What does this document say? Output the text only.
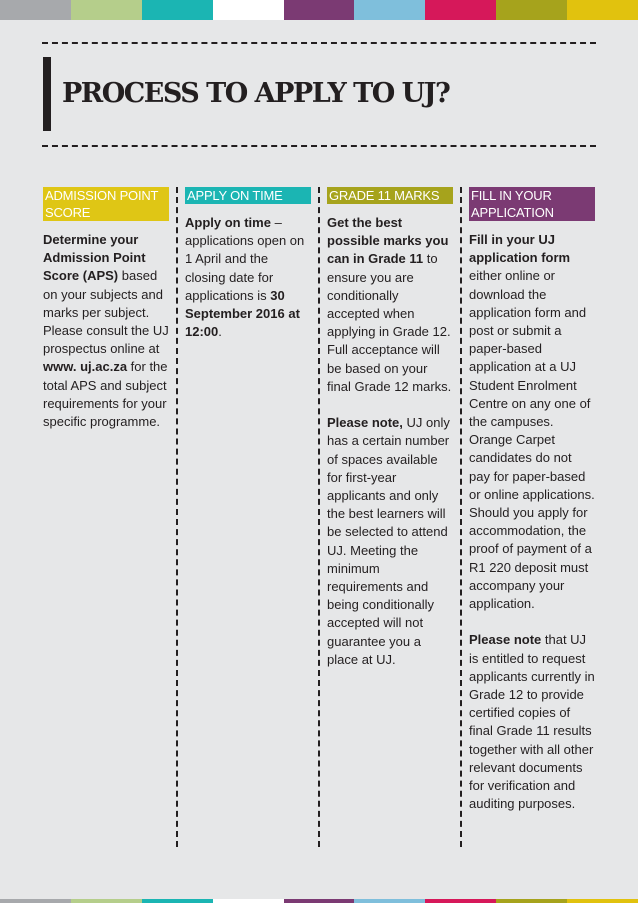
PROCESS TO APPLY TO UJ?
ADMISSION POINT SCORE

Determine your Admission Point Score (APS) based on your subjects and marks per subject. Please consult the UJ prospectus online at www. uj.ac.za for the total APS and subject requirements for your specific programme.

APPLY ON TIME

Apply on time – applications open on 1 April and the closing date for applications is 30 September 2016 at 12:00.

GRADE 11 MARKS

Get the best possible marks you can in Grade 11 to ensure you are conditionally accepted when applying in Grade 12. Full acceptance will be based on your final Grade 12 marks.

Please note, UJ only has a certain number of spaces available for first-year applicants and only the best learners will be selected to attend UJ. Meeting the minimum requirements and being conditionally accepted will not guarantee you a place at UJ.

FILL IN YOUR APPLICATION

Fill in your UJ application form either online or download the application form and post or submit a paper-based application at a UJ Student Enrolment Centre on any one of the campuses. Orange Carpet candidates do not pay for paper-based or online applications. Should you apply for accommodation, the proof of payment of a R1 220 deposit must accompany your application.

Please note that UJ is entitled to request applicants currently in Grade 12 to provide certified copies of final Grade 11 results together with all other relevant documents for verification and auditing purposes.
